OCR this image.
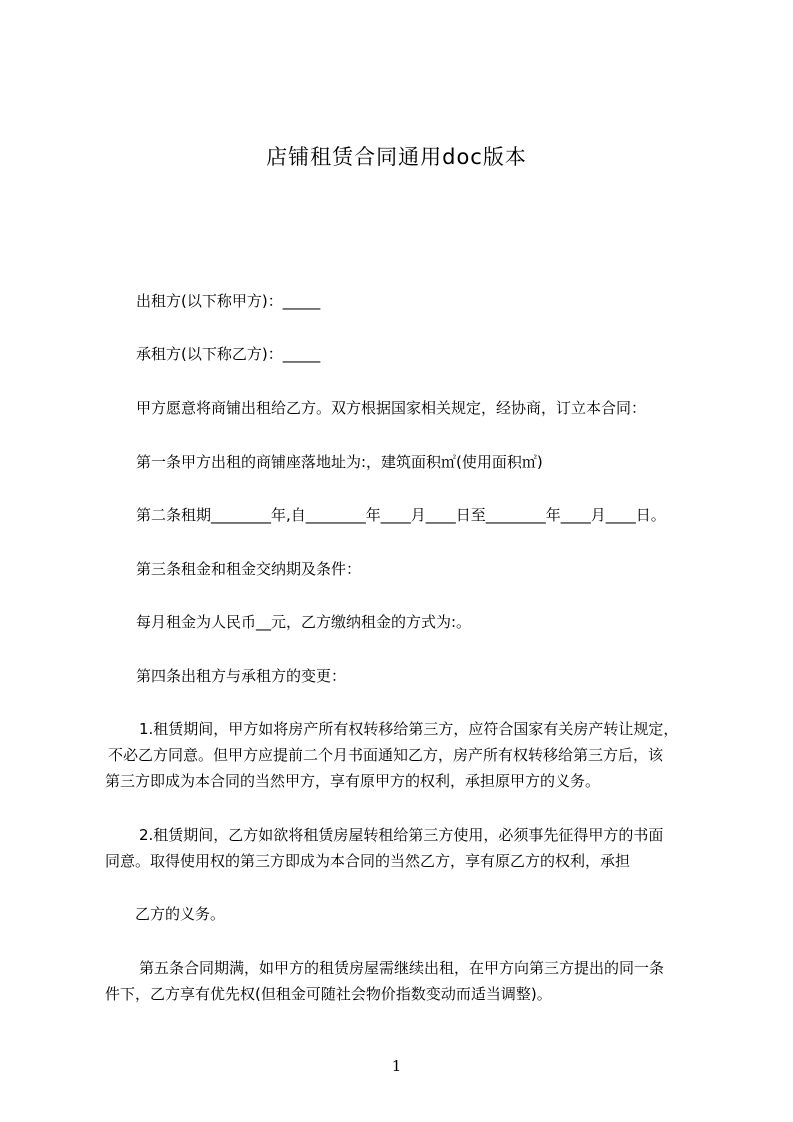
店铺租赁合同通用doc版本
出租方(以下称甲方)：_____
承租方(以下称乙方)：_____
甲方愿意将商铺出租给乙方。双方根据国家相关规定，经协商，订立本合同：
第一条甲方出租的商铺座落地址为:，建筑面积㎡(使用面积㎡)
第二条租期________年,自________年____月____日至________年____月____日。
第三条租金和租金交纳期及条件：
每月租金为人民币__元，乙方缴纳租金的方式为:。
第四条出租方与承租方的变更：
1.租赁期间，甲方如将房产所有权转移给第三方，应符合国家有关房产转让规定，
不必乙方同意。但甲方应提前二个月书面通知乙方，房产所有权转移给第三方后，该
第三方即成为本合同的当然甲方，享有原甲方的权利，承担原甲方的义务。
2.租赁期间，乙方如欲将租赁房屋转租给第三方使用，必须事先征得甲方的书面
同意。取得使用权的第三方即成为本合同的当然乙方，享有原乙方的权利，承担
乙方的义务。
第五条合同期满，如甲方的租赁房屋需继续出租，在甲方向第三方提出的同一条
件下，乙方享有优先权(但租金可随社会物价指数变动而适当调整)。
1
